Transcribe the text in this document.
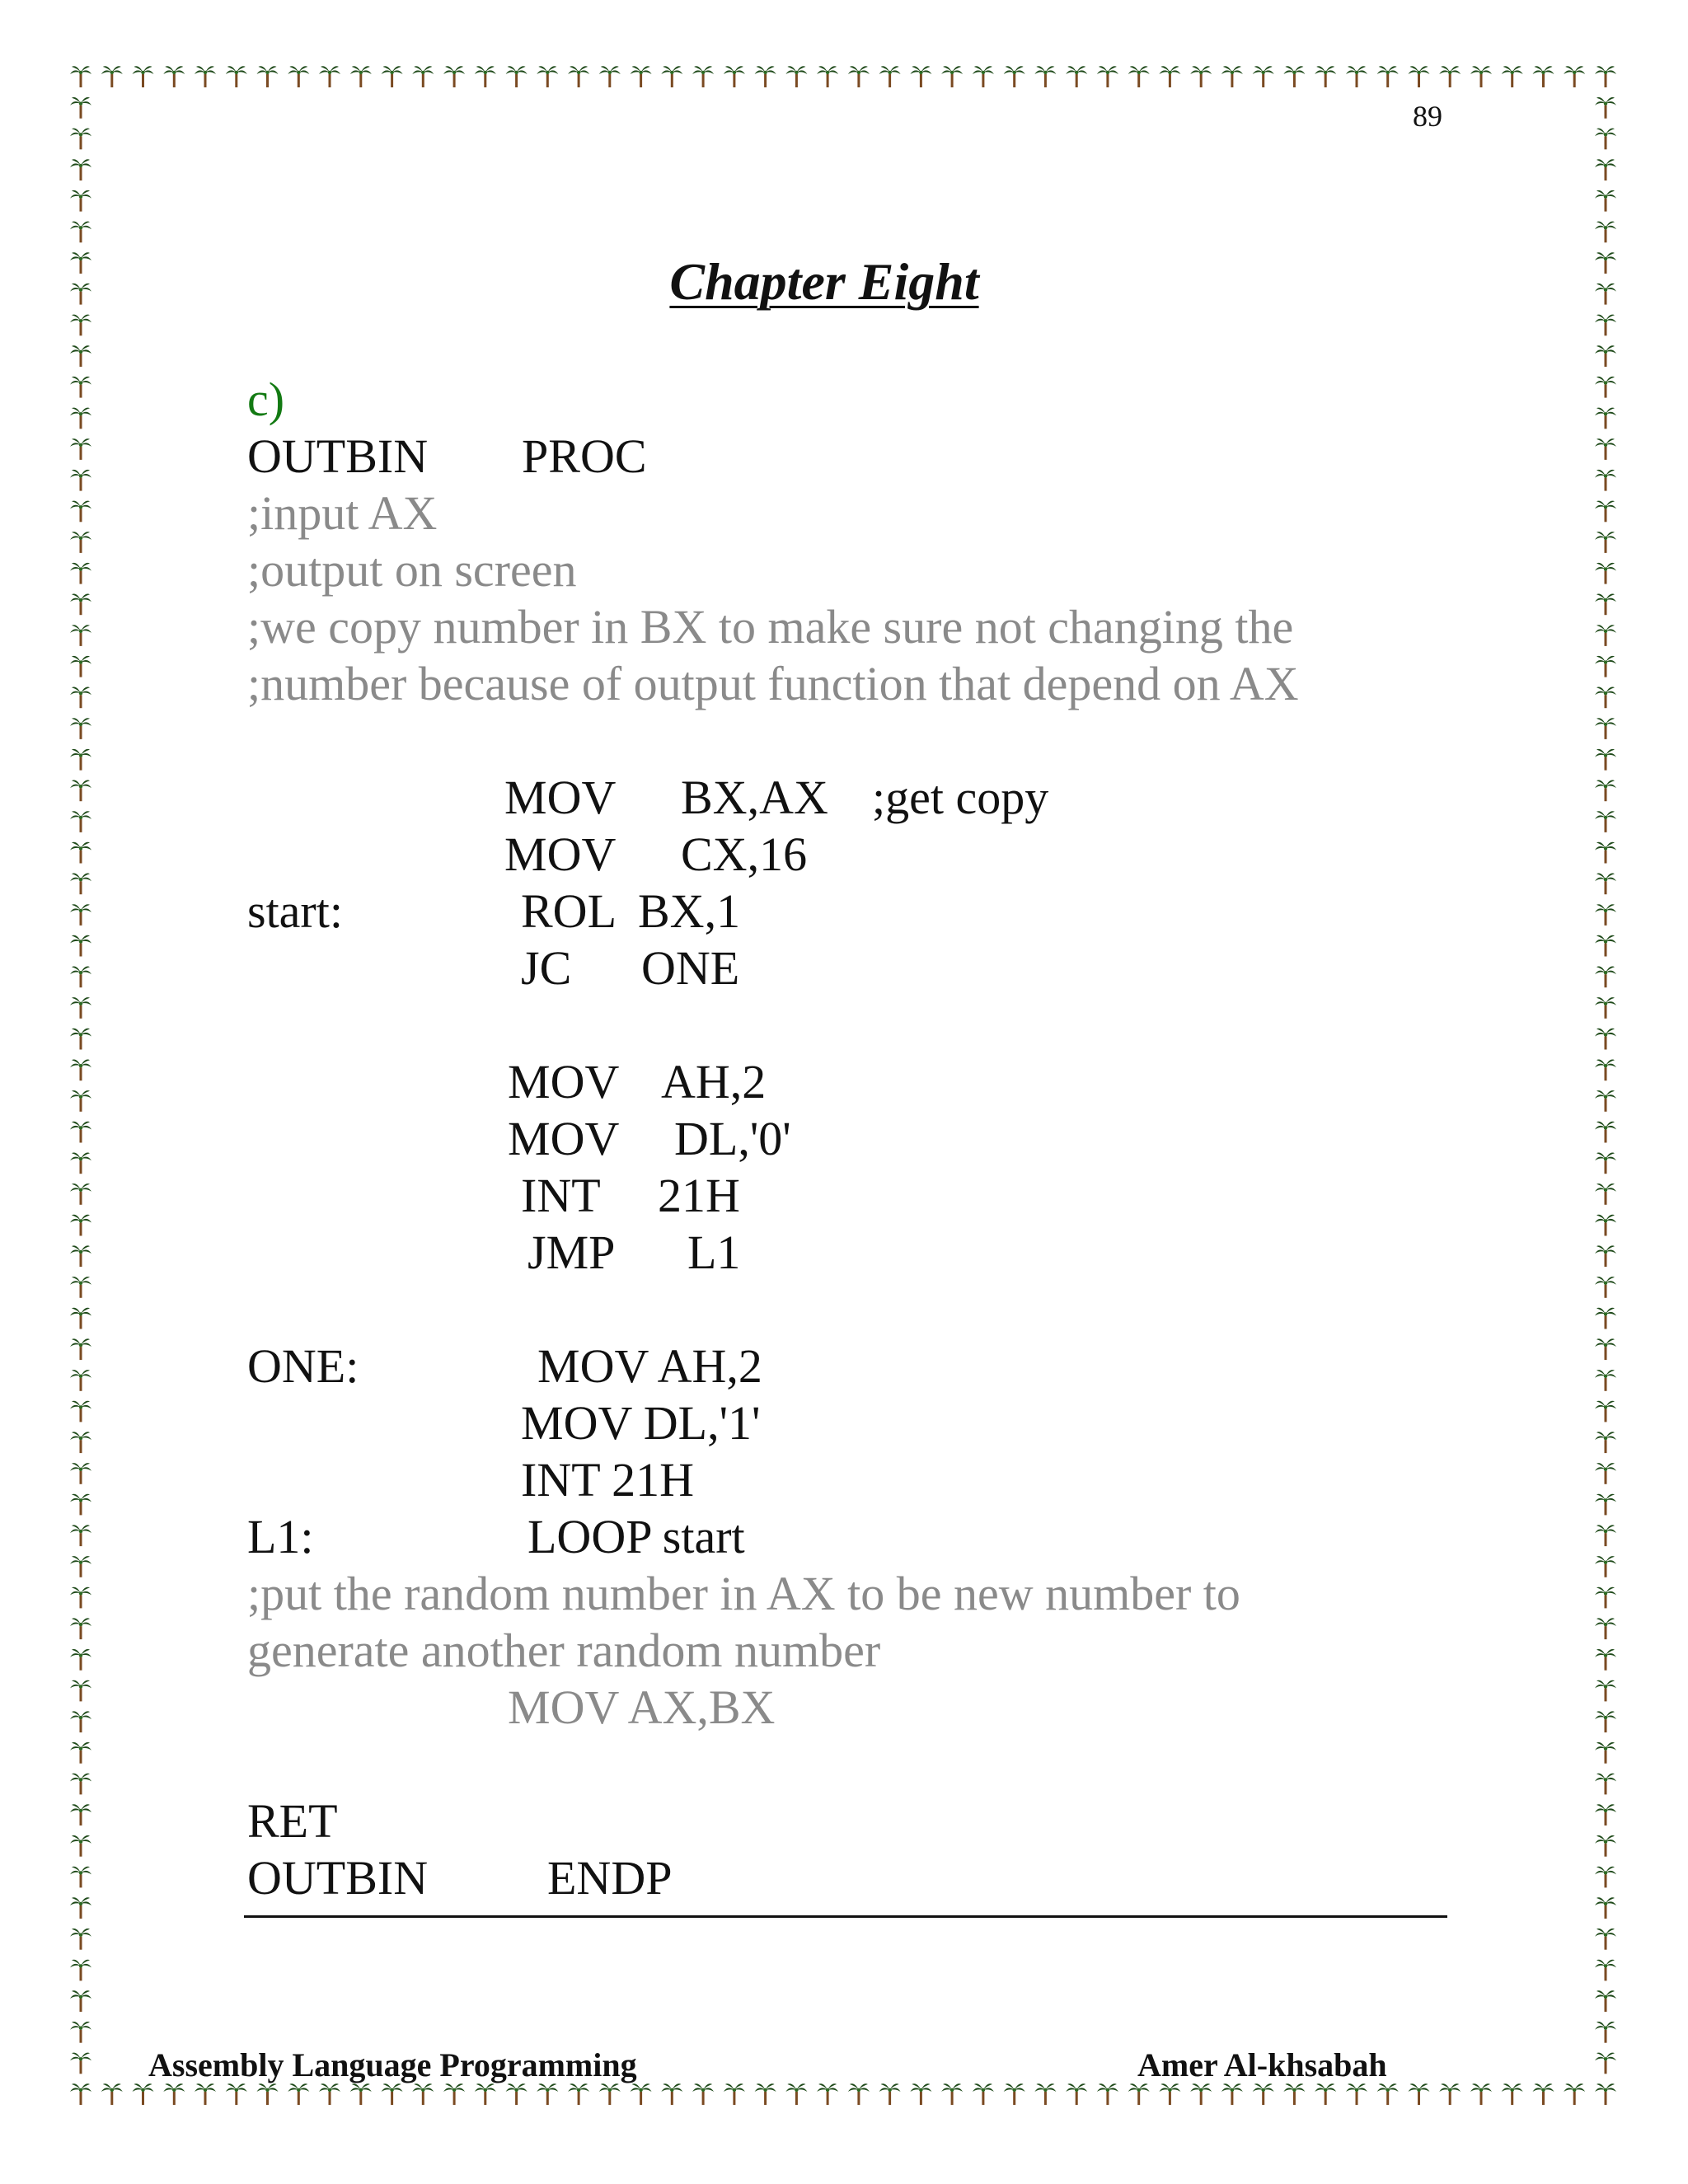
89
Chapter Eight
c)
OUTBIN PROC
;input AX
;output on screen
;we copy number in BX to make sure not changing the
;number because of output function that depend on AX
MOV BX,AX ;get copy
MOV CX,16
start:	ROL BX,1
JC ONE
MOV AH,2
MOV DL,'0'
INT 21H
JMP L1
ONE:	MOV AH,2
MOV DL,'1'
INT 21H
L1:	LOOP start
;put the random number in AX to be new number to
generate another random number
MOV AX,BX
RET
OUTBIN ENDP
Assembly Language Programming	Amer Al-khsabah
